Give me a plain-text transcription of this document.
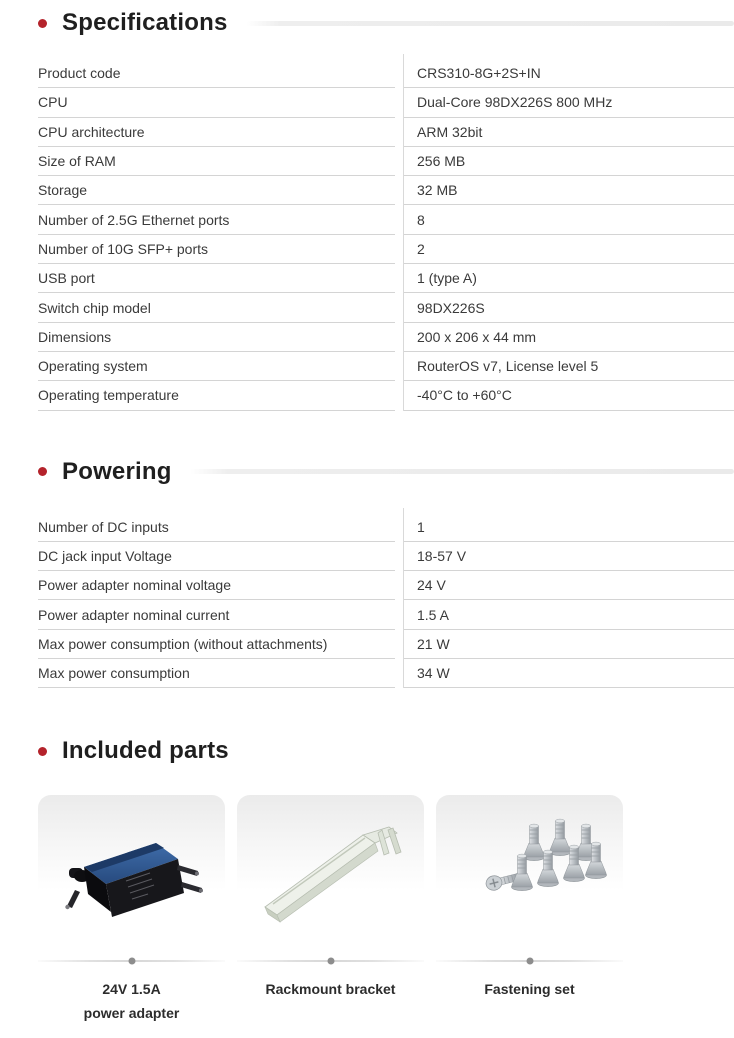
Specifications
Product code	CRS310-8G+2S+IN
CPU	Dual-Core 98DX226S 800 MHz
CPU architecture	ARM 32bit
Size of RAM	256 MB
Storage	32 MB
Number of 2.5G Ethernet ports	8
Number of 10G SFP+ ports	2
USB port	1 (type A)
Switch chip model	98DX226S
Dimensions	200 x 206 x 44 mm
Operating system	RouterOS v7, License level 5
Operating temperature	-40°C to +60°C
Powering
Number of DC inputs	1
DC jack input Voltage	18-57 V
Power adapter nominal voltage	24 V
Power adapter nominal current	1.5 A
Max power consumption (without attachments)	21 W
Max power consumption	34 W
Included parts
24V 1.5A
power adapter
Rackmount bracket	Fastening set
